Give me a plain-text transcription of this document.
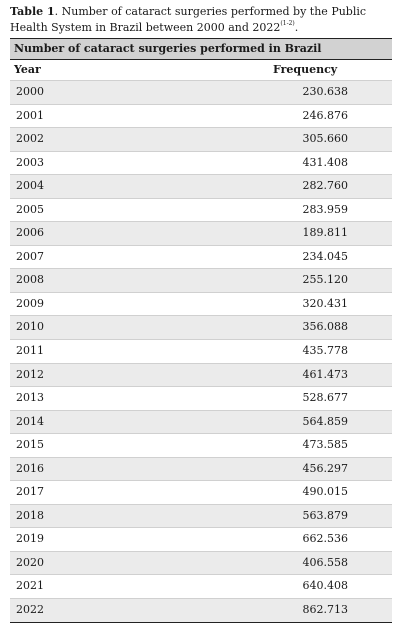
Table 1. Number of cataract surgeries performed by the Public Health System in Brazil between 2000 and 2022$^{(1-2)}$.
Number of cataract surgeries performed in Brazil
Year	Frequency
2000	230.638
2001	246.876
2002	305.660
2003	431.408
2004	282.760
2005	283.959
2006	189.811
2007	234.045
2008	255.120
2009	320.431
2010	356.088
2011	435.778
2012	461.473
2013	528.677
2014	564.859
2015	473.585
2016	456.297
2017	490.015
2018	563.879
2019	662.536
2020	406.558
2021	640.408
2022	862.713
